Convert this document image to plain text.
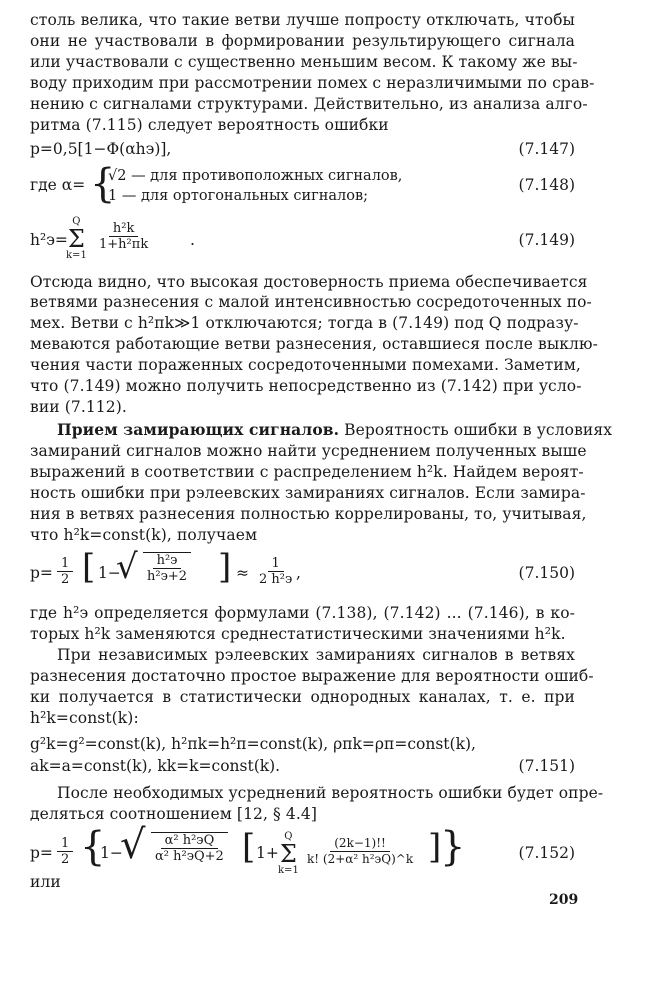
столь велика, что такие ветви лучше попросту отключать, чтобы
они не участвовали в формировании результирующего сигнала
или участвовали с существенно меньшим весом. К такому же вы-
воду приходим при рассмотрении помех с неразличимыми по срав-
нению с сигналами структурами. Действительно, из анализа алго-
ритма (7.115) следует вероятность ошибки
p=0,5[1−Φ(αhэ)],	(7.147)
где α= {
√2 — для противоположных сигналов,
1 — для ортогональных сигналов;
(7.148)
h²э=
Q
Σ
k=1
h²k
1+h²пk	.	(7.149)
Отсюда видно, что высокая достоверность приема обеспечивается
ветвями разнесения с малой интенсивностью сосредоточенных по-
мех. Ветви с h²пk≫1 отключаются; тогда в (7.149) под Q подразу-
меваются работающие ветви разнесения, оставшиеся после выклю-
чения части пораженных сосредоточенными помехами. Заметим,
что (7.149) можно получить непосредственно из (7.142) при усло-
вии (7.112).
Прием замирающих сигналов. Вероятность ошибки в условиях
замираний сигналов можно найти усреднением полученных выше
выражений в соответствии с распределением h²k. Найдем вероят-
ность ошибки при рэлеевских замираниях сигналов. Если замира-
ния в ветвях разнесения полностью коррелированы, то, учитывая,
что h²k=const(k), получаем
$p= \frac{1}{2}$ [ 1−
√	h²э
h²э+2 ] ≈
1
2 h²э ,	(7.150)
где h²э определяется формулами (7.138), (7.142) ... (7.146), в ко-
торых h²k заменяются среднестатистическими значениями h²k.
При независимых рэлеевских замираниях сигналов в ветвях
разнесения достаточно простое выражение для вероятности ошиб-
ки получается в статистически однородных каналах, т. е. при
h²k=const(k):
g²k=g²=const(k), h²пk=h²п=const(k), ρпk=ρп=const(k),
ak=a=const(k), kk=k=const(k).	(7.151)
После необходимых усреднений вероятность ошибки будет опре-
деляться соотношением [12, § 4.4]
$p= \frac{1}{2}$ {
1−
√	α² h²эQ
α² h²эQ+2 [ 1+
Q
Σ
k=1
(2k−1)!!
k! (2+α² h²эQ)^k ]
}	(7.152)
или
209
